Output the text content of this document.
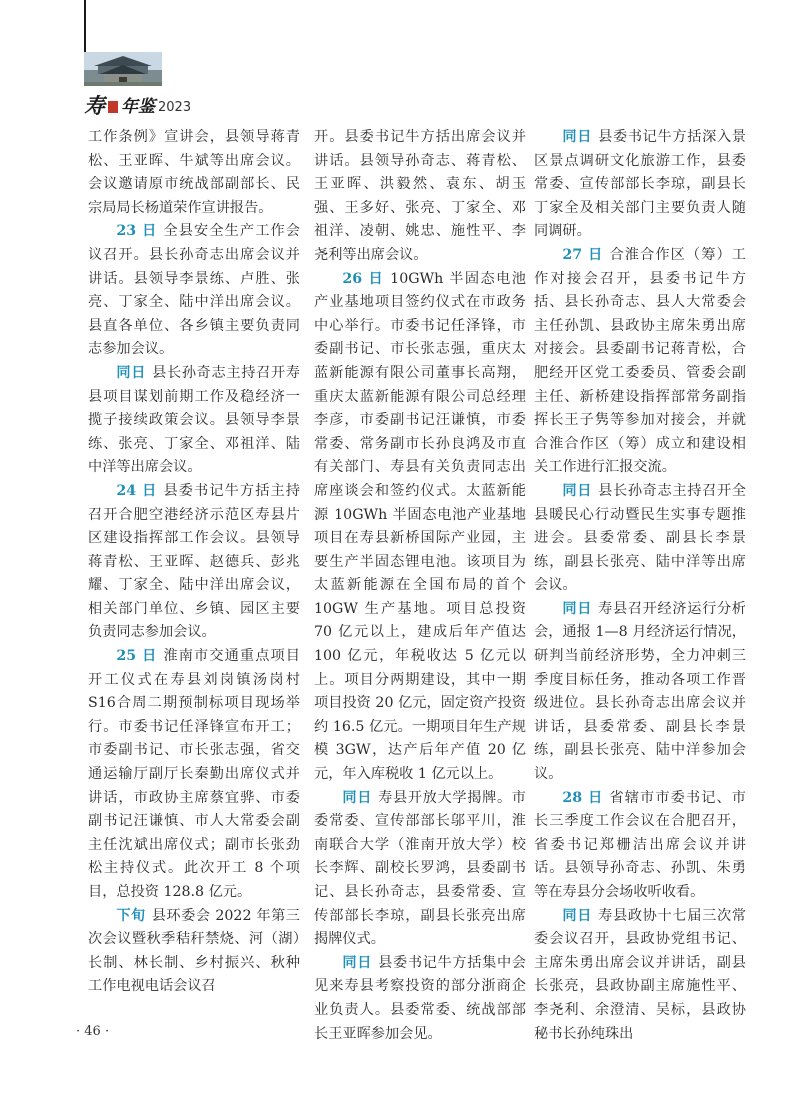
寿 年鉴 2023

工作条例》宣讲会，县领导蒋青松、王亚晖、牛斌等出席会议。会议邀请原市统战部副部长、民宗局局长杨道荣作宣讲报告。

23 日 全县安全生产工作会议召开。县长孙奇志出席会议并讲话。县领导李景练、卢胜、张亮、丁家全、陆中洋出席会议。县直各单位、各乡镇主要负责同志参加会议。

同日 县长孙奇志主持召开寿县项目谋划前期工作及稳经济一揽子接续政策会议。县领导李景练、张亮、丁家全、邓祖洋、陆中洋等出席会议。

24 日 县委书记牛方括主持召开合肥空港经济示范区寿县片区建设指挥部工作会议。县领导蒋青松、王亚晖、赵德兵、彭兆耀、丁家全、陆中洋出席会议，相关部门单位、乡镇、园区主要负责同志参加会议。

25 日 淮南市交通重点项目开工仪式在寿县刘岗镇汤岗村S16合周二期预制标项目现场举行。市委书记任泽锋宣布开工；市委副书记、市长张志强，省交通运输厅副厅长秦勤出席仪式并讲话，市政协主席蔡宜骅、市委副书记汪谦慎、市人大常委会副主任沈斌出席仪式；副市长张劲松主持仪式。此次开工 8 个项目，总投资 128.8 亿元。

下旬 县环委会 2022 年第三次会议暨秋季秸秆禁烧、河（湖）长制、林长制、乡村振兴、秋种工作电视电话会议召

开。县委书记牛方括出席会议并讲话。县领导孙奇志、蒋青松、王亚晖、洪毅然、袁东、胡玉强、王多好、张亮、丁家全、邓祖洋、凌朝、姚忠、施性平、李尧利等出席会议。

26 日 10GWh 半固态电池产业基地项目签约仪式在市政务中心举行。市委书记任泽锋，市委副书记、市长张志强，重庆太蓝新能源有限公司董事长高翔，重庆太蓝新能源有限公司总经理李彦，市委副书记汪谦慎，市委常委、常务副市长孙良鸿及市直有关部门、寿县有关负责同志出席座谈会和签约仪式。太蓝新能源 10GWh 半固态电池产业基地项目在寿县新桥国际产业园，主要生产半固态锂电池。该项目为太蓝新能源在全国布局的首个 10GW 生产基地。项目总投资 70 亿元以上，建成后年产值达 100 亿元，年税收达 5 亿元以上。项目分两期建设，其中一期项目投资 20 亿元，固定资产投资约 16.5 亿元。一期项目年生产规模 3GW，达产后年产值 20 亿元，年入库税收 1 亿元以上。

同日 寿县开放大学揭牌。市委常委、宣传部部长邬平川，淮南联合大学（淮南开放大学）校长李辉、副校长罗鸿，县委副书记、县长孙奇志，县委常委、宣传部部长李琼，副县长张亮出席揭牌仪式。

同日 县委书记牛方括集中会见来寿县考察投资的部分浙商企业负责人。县委常委、统战部部长王亚晖参加会见。

同日 县委书记牛方括深入景区景点调研文化旅游工作，县委常委、宣传部部长李琼，副县长丁家全及相关部门主要负责人随同调研。

27 日 合淮合作区（筹）工作对接会召开，县委书记牛方括、县长孙奇志、县人大常委会主任孙凯、县政协主席朱勇出席对接会。县委副书记蒋青松，合肥经开区党工委委员、管委会副主任、新桥建设指挥部常务副指挥长王子隽等参加对接会，并就合淮合作区（筹）成立和建设相关工作进行汇报交流。

同日 县长孙奇志主持召开全县暖民心行动暨民生实事专题推进会。县委常委、副县长李景练，副县长张亮、陆中洋等出席会议。

同日 寿县召开经济运行分析会，通报 1—8 月经济运行情况，研判当前经济形势，全力冲刺三季度目标任务，推动各项工作晋级进位。县长孙奇志出席会议并讲话，县委常委、副县长李景练，副县长张亮、陆中洋参加会议。

28 日 省辖市市委书记、市长三季度工作会议在合肥召开，省委书记郑栅洁出席会议并讲话。县领导孙奇志、孙凯、朱勇等在寿县分会场收听收看。

同日 寿县政协十七届三次常委会议召开，县政协党组书记、主席朱勇出席会议并讲话，副县长张亮，县政协副主席施性平、李尧利、余澄清、吴标，县政协秘书长孙纯珠出

· 46 ·
